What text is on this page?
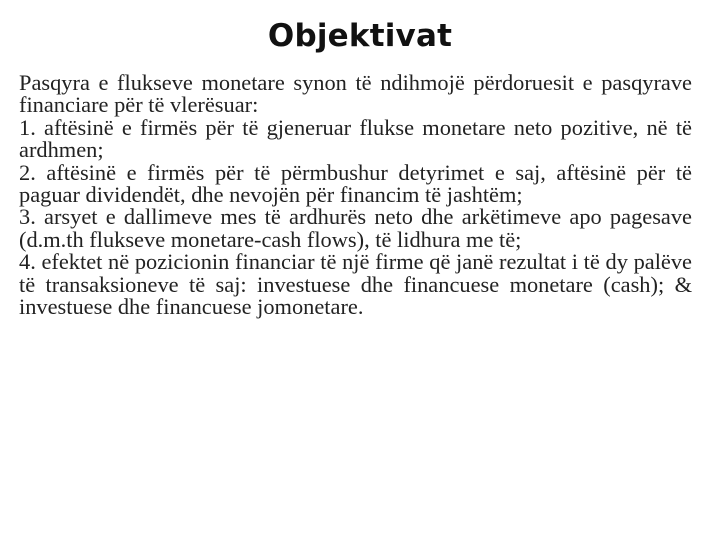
Objektivat

Pasqyra e flukseve monetare synon të ndihmojë përdoruesit e pasqyrave financiare për të vlerësuar:

1. aftësinë e firmës për të gjeneruar flukse monetare neto pozitive, në të ardhmen;

2. aftësinë e firmës për të përmbushur detyrimet e saj, aftësinë për të paguar dividendët, dhe nevojën për financim të jashtëm;

3. arsyet e dallimeve mes të ardhurës neto dhe arkëtimeve apo pagesave (d.m.th flukseve monetare-cash flows), të lidhura me të;

4. efektet në pozicionin financiar të një firme që janë rezultat i të dy palëve të transaksioneve të saj: investuese dhe financuese monetare (cash); & investuese dhe financuese jomonetare.
